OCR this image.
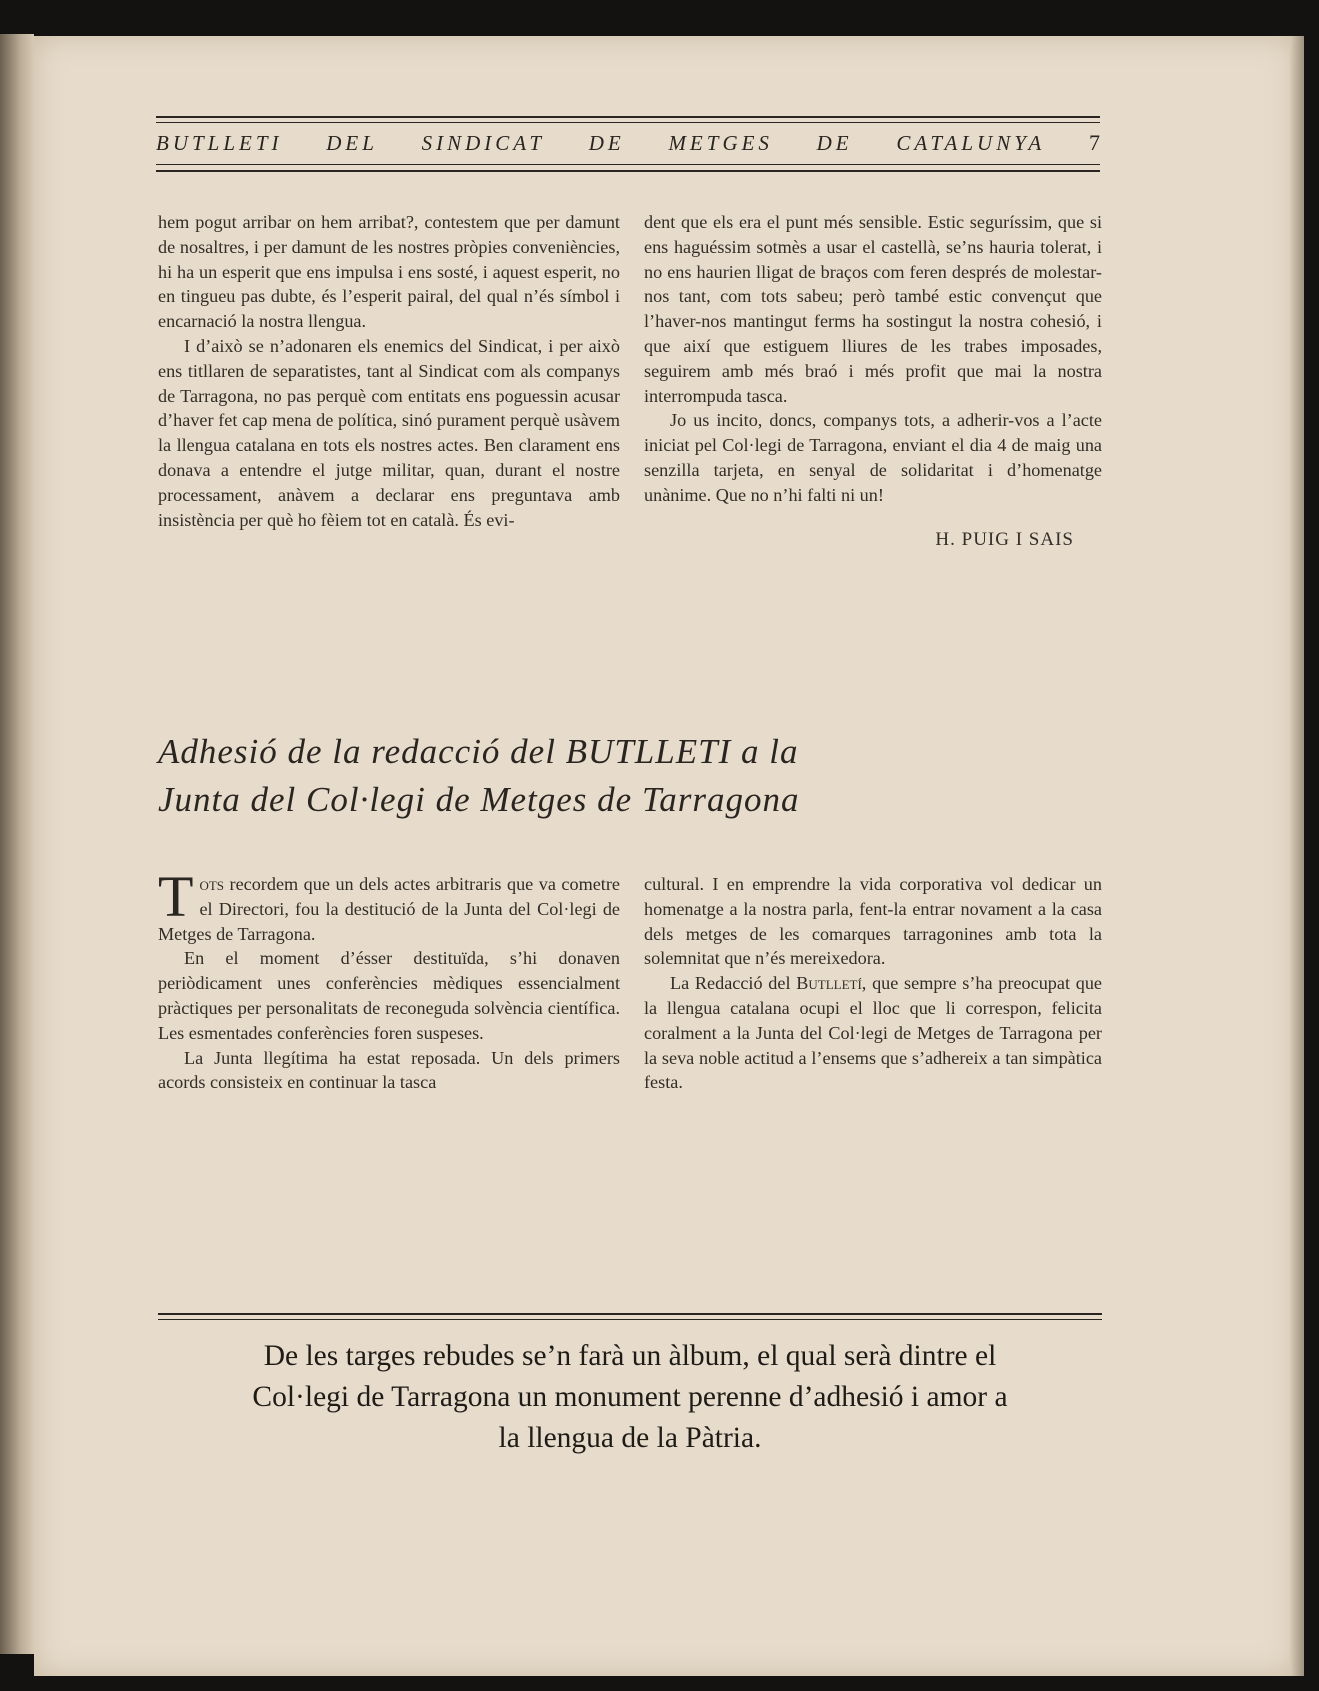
BUTLLETI DEL SINDICAT DE METGES DE CATALUNYA 7

hem pogut arribar on hem arribat?, contestem que per damunt de nosaltres, i per damunt de les nostres pròpies conveniències, hi ha un esperit que ens impulsa i ens sosté, i aquest esperit, no en tingueu pas dubte, és l’esperit pairal, del qual n’és símbol i encarnació la nostra llengua.

I d’això se n’adonaren els enemics del Sindicat, i per això ens titllaren de separatistes, tant al Sindicat com als companys de Tarragona, no pas perquè com entitats ens poguessin acusar d’haver fet cap mena de política, sinó purament perquè usàvem la llengua catalana en tots els nostres actes. Ben clarament ens donava a entendre el jutge militar, quan, durant el nostre processament, anàvem a declarar ens preguntava amb insistència per què ho fèiem tot en català. És evi-

dent que els era el punt més sensible. Estic seguríssim, que si ens haguéssim sotmès a usar el castellà, se’ns hauria tolerat, i no ens haurien lligat de braços com feren després de molestar-nos tant, com tots sabeu; però també estic convençut que l’haver-nos mantingut ferms ha sostingut la nostra cohesió, i que així que estiguem lliures de les trabes imposades, seguirem amb més braó i més profit que mai la nostra interrompuda tasca.

Jo us incito, doncs, companys tots, a adherir-vos a l’acte iniciat pel Col·legi de Tarragona, enviant el dia 4 de maig una senzilla tarjeta, en senyal de solidaritat i d’homenatge unànime. Que no n’hi falti ni un!

H. PUIG I SAIS

Adhesió de la redacció del BUTLLETI a la
Junta del Col·legi de Metges de Tarragona

Tots recordem que un dels actes arbitraris que va cometre el Directori, fou la destitució de la Junta del Col·legi de Metges de Tarragona.

En el moment d’ésser destituïda, s’hi donaven periòdicament unes conferències mèdiques essencialment pràctiques per personalitats de reconeguda solvència científica. Les esmentades conferències foren suspeses.

La Junta llegítima ha estat reposada. Un dels primers acords consisteix en continuar la tasca

cultural. I en emprendre la vida corporativa vol dedicar un homenatge a la nostra parla, fent-la entrar novament a la casa dels metges de les comarques tarragonines amb tota la solemnitat que n’és mereixedora.

La Redacció del Butlletí, que sempre s’ha preocupat que la llengua catalana ocupi el lloc que li correspon, felicita coralment a la Junta del Col·legi de Metges de Tarragona per la seva noble actitud a l’ensems que s’adhereix a tan simpàtica festa.

De les targes rebudes se’n farà un àlbum, el qual serà dintre el
Col·legi de Tarragona un monument perenne d’adhesió i amor a
la llengua de la Pàtria.
